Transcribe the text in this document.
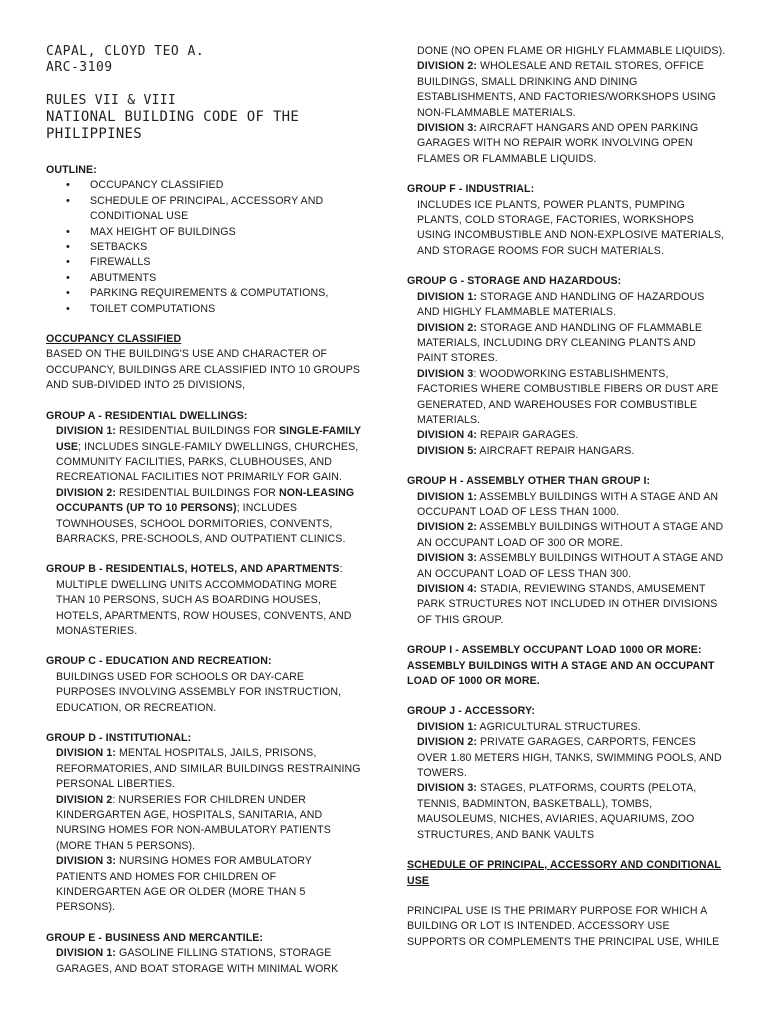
CAPAL, CLOYD TEO A.
ARC-3109
RULES VII & VIII
NATIONAL BUILDING CODE OF THE
PHILIPPINES
OUTLINE:
• OCCUPANCY CLASSIFIED
• SCHEDULE OF PRINCIPAL, ACCESSORY AND CONDITIONAL USE
• MAX HEIGHT OF BUILDINGS
• SETBACKS
• FIREWALLS
• ABUTMENTS
• PARKING REQUIREMENTS & COMPUTATIONS,
• TOILET COMPUTATIONS
OCCUPANCY CLASSIFIED

BASED ON THE BUILDING'S USE AND CHARACTER OF OCCUPANCY, BUILDINGS ARE CLASSIFIED INTO 10 GROUPS AND SUB-DIVIDED INTO 25 DIVISIONS,

GROUP A - RESIDENTIAL DWELLINGS:

DIVISION 1: RESIDENTIAL BUILDINGS FOR SINGLE-FAMILY USE; INCLUDES SINGLE-FAMILY DWELLINGS, CHURCHES, COMMUNITY FACILITIES, PARKS, CLUBHOUSES, AND RECREATIONAL FACILITIES NOT PRIMARILY FOR GAIN.

DIVISION 2: RESIDENTIAL BUILDINGS FOR NON-LEASING OCCUPANTS (UP TO 10 PERSONS); INCLUDES TOWNHOUSES, SCHOOL DORMITORIES, CONVENTS, BARRACKS, PRE-SCHOOLS, AND OUTPATIENT CLINICS.

GROUP B - RESIDENTIALS, HOTELS, AND APARTMENTS:

MULTIPLE DWELLING UNITS ACCOMMODATING MORE THAN 10 PERSONS, SUCH AS BOARDING HOUSES, HOTELS, APARTMENTS, ROW HOUSES, CONVENTS, AND MONASTERIES.

GROUP C - EDUCATION AND RECREATION:

BUILDINGS USED FOR SCHOOLS OR DAY-CARE PURPOSES INVOLVING ASSEMBLY FOR INSTRUCTION, EDUCATION, OR RECREATION.

GROUP D - INSTITUTIONAL:

DIVISION 1: MENTAL HOSPITALS, JAILS, PRISONS, REFORMATORIES, AND SIMILAR BUILDINGS RESTRAINING PERSONAL LIBERTIES.

DIVISION 2: NURSERIES FOR CHILDREN UNDER KINDERGARTEN AGE, HOSPITALS, SANITARIA, AND NURSING HOMES FOR NON-AMBULATORY PATIENTS (MORE THAN 5 PERSONS).

DIVISION 3: NURSING HOMES FOR AMBULATORY PATIENTS AND HOMES FOR CHILDREN OF KINDERGARTEN AGE OR OLDER (MORE THAN 5 PERSONS).

GROUP E - BUSINESS AND MERCANTILE:

DIVISION 1: GASOLINE FILLING STATIONS, STORAGE GARAGES, AND BOAT STORAGE WITH MINIMAL WORK

DONE (NO OPEN FLAME OR HIGHLY FLAMMABLE LIQUIDS).

DIVISION 2: WHOLESALE AND RETAIL STORES, OFFICE BUILDINGS, SMALL DRINKING AND DINING ESTABLISHMENTS, AND FACTORIES/WORKSHOPS USING NON-FLAMMABLE MATERIALS.

DIVISION 3: AIRCRAFT HANGARS AND OPEN PARKING GARAGES WITH NO REPAIR WORK INVOLVING OPEN FLAMES OR FLAMMABLE LIQUIDS.

GROUP F - INDUSTRIAL:

INCLUDES ICE PLANTS, POWER PLANTS, PUMPING PLANTS, COLD STORAGE, FACTORIES, WORKSHOPS USING INCOMBUSTIBLE AND NON-EXPLOSIVE MATERIALS, AND STORAGE ROOMS FOR SUCH MATERIALS.

GROUP G - STORAGE AND HAZARDOUS:

DIVISION 1: STORAGE AND HANDLING OF HAZARDOUS AND HIGHLY FLAMMABLE MATERIALS.

DIVISION 2: STORAGE AND HANDLING OF FLAMMABLE MATERIALS, INCLUDING DRY CLEANING PLANTS AND PAINT STORES.

DIVISION 3: WOODWORKING ESTABLISHMENTS, FACTORIES WHERE COMBUSTIBLE FIBERS OR DUST ARE GENERATED, AND WAREHOUSES FOR COMBUSTIBLE MATERIALS.

DIVISION 4: REPAIR GARAGES.

DIVISION 5: AIRCRAFT REPAIR HANGARS.

GROUP H - ASSEMBLY OTHER THAN GROUP I:

DIVISION 1: ASSEMBLY BUILDINGS WITH A STAGE AND AN OCCUPANT LOAD OF LESS THAN 1000.

DIVISION 2: ASSEMBLY BUILDINGS WITHOUT A STAGE AND AN OCCUPANT LOAD OF 300 OR MORE.

DIVISION 3: ASSEMBLY BUILDINGS WITHOUT A STAGE AND AN OCCUPANT LOAD OF LESS THAN 300.

DIVISION 4: STADIA, REVIEWING STANDS, AMUSEMENT PARK STRUCTURES NOT INCLUDED IN OTHER DIVISIONS OF THIS GROUP.

GROUP I - ASSEMBLY OCCUPANT LOAD 1000 OR MORE: ASSEMBLY BUILDINGS WITH A STAGE AND AN OCCUPANT LOAD OF 1000 OR MORE.
GROUP J - ACCESSORY:

DIVISION 1: AGRICULTURAL STRUCTURES.

DIVISION 2: PRIVATE GARAGES, CARPORTS, FENCES OVER 1.80 METERS HIGH, TANKS, SWIMMING POOLS, AND TOWERS.

DIVISION 3: STAGES, PLATFORMS, COURTS (PELOTA, TENNIS, BADMINTON, BASKETBALL), TOMBS, MAUSOLEUMS, NICHES, AVIARIES, AQUARIUMS, ZOO STRUCTURES, AND BANK VAULTS

SCHEDULE OF PRINCIPAL, ACCESSORY AND CONDITIONAL USE

PRINCIPAL USE IS THE PRIMARY PURPOSE FOR WHICH A BUILDING OR LOT IS INTENDED. ACCESSORY USE SUPPORTS OR COMPLEMENTS THE PRINCIPAL USE, WHILE
